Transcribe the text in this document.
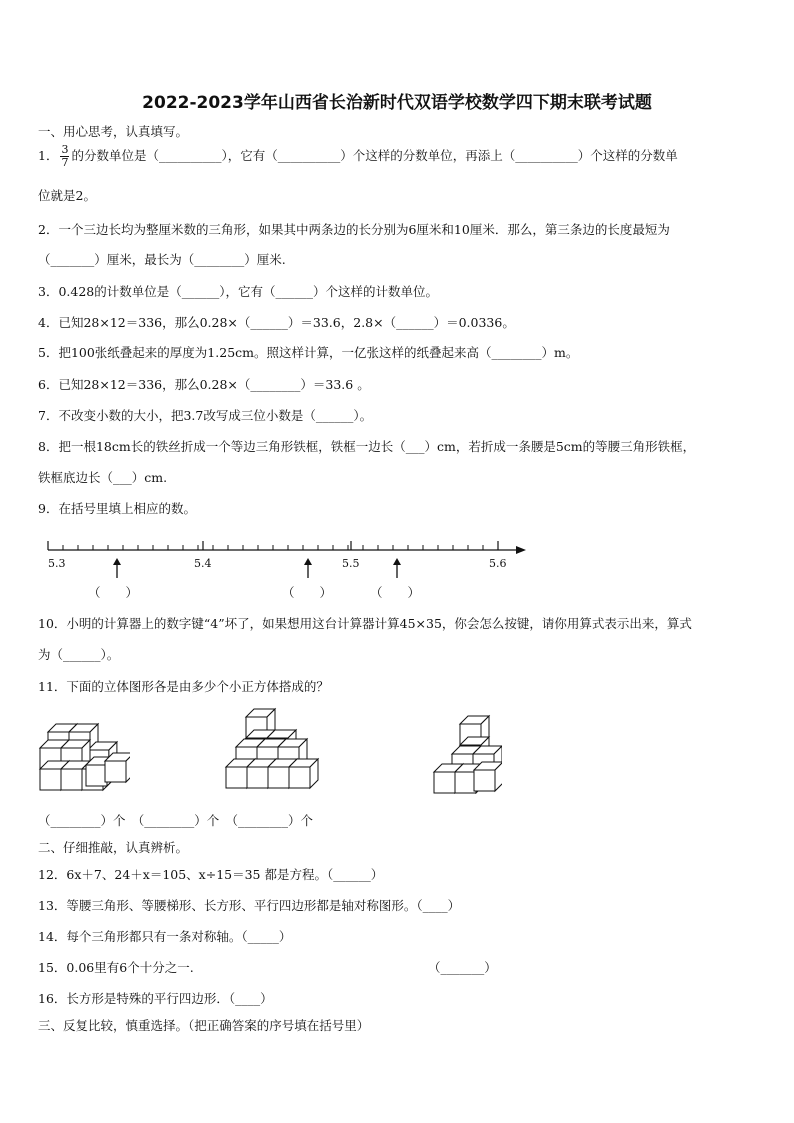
2022-2023学年山西省长治新时代双语学校数学四下期末联考试题
一、用心思考，认真填写。
1． $\frac{3}{7}$ 的分数单位是（__________），它有（__________）个这样的分数单位，再添上（__________）个这样的分数单
位就是2。
2．一个三边长均为整厘米数的三角形，如果其中两条边的长分别为6厘米和10厘米．那么，第三条边的长度最短为
（_______）厘米，最长为（________）厘米.
3．0.428的计数单位是（______），它有（______）个这样的计数单位。
4．已知28×12＝336，那么0.28×（______）＝33.6，2.8×（______）＝0.0336。
5．把100张纸叠起来的厚度为1.25cm。照这样计算，一亿张这样的纸叠起来高（________）m。
6．已知28×12＝336，那么0.28×（________）＝33.6 。
7．不改变小数的大小，把3.7改写成三位小数是（______）。
8．把一根18cm长的铁丝折成一个等边三角形铁框，铁框一边长（___）cm，若折成一条腰是5cm的等腰三角形铁框，
铁框底边长（___）cm.
9．在括号里填上相应的数。
5.3	5.4	5.5	5.6
（　　）	（　　）	（　　）
10．小明的计算器上的数字键“4”坏了，如果想用这台计算器计算45×35，你会怎么按键，请你用算式表示出来，算式
为（______）。
11．下面的立体图形各是由多少个小正方体搭成的？
（________）个　（________）个　（________）个
二、仔细推敲，认真辨析。
12．6x＋7、24＋x＝105、x÷15＝35 都是方程。（______）
13．等腰三角形、等腰梯形、长方形、平行四边形都是轴对称图形。（____）
14．每个三角形都只有一条对称轴。（_____）
15．0.06里有6个十分之一.	（_______）
16．长方形是特殊的平行四边形．（____）
三、反复比较，慎重选择。（把正确答案的序号填在括号里）
